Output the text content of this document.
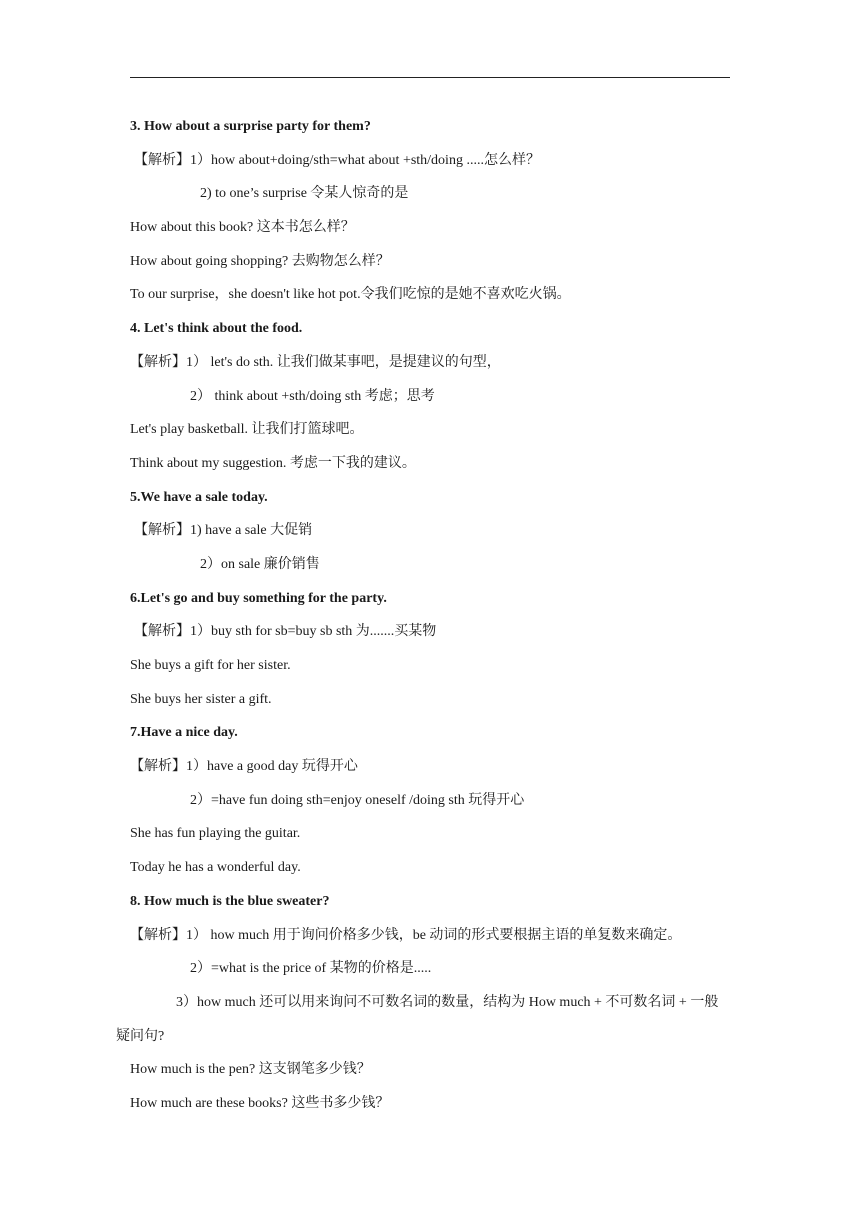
3. How about a surprise party for them?
【解析】1）how about+doing/sth=what about +sth/doing .....怎么样？
2) to one’s surprise 令某人惊奇的是
How about this book? 这本书怎么样？
How about going shopping? 去购物怎么样？
To our surprise，she doesn't like hot pot.令我们吃惊的是她不喜欢吃火锅。
4. Let's think about the food.
【解析】1） let's do sth. 让我们做某事吧，是提建议的句型，
2） think about +sth/doing sth 考虑；思考
Let's play basketball. 让我们打篮球吧。
Think about my suggestion. 考虑一下我的建议。
5.We have a sale today.
【解析】1) have a sale 大促销
2）on sale 廉价销售
6.Let's go and buy something for the party.
【解析】1）buy sth for sb=buy sb sth 为.......买某物
She buys a gift for her sister.
She buys her sister a gift.
7.Have a nice day.
【解析】1）have a good day 玩得开心
2）=have fun doing sth=enjoy oneself /doing sth 玩得开心
She has fun playing the guitar.
Today he has a wonderful day.
8. How much is the blue sweater?
【解析】1） how much 用于询问价格多少钱，be 动词的形式要根据主语的单复数来确定。
2）=what is the price of 某物的价格是.....
3）how much 还可以用来询问不可数名词的数量，结构为 How much + 不可数名词 + 一般疑问句?
How much is the pen? 这支钢笔多少钱？
How much are these books? 这些书多少钱？
